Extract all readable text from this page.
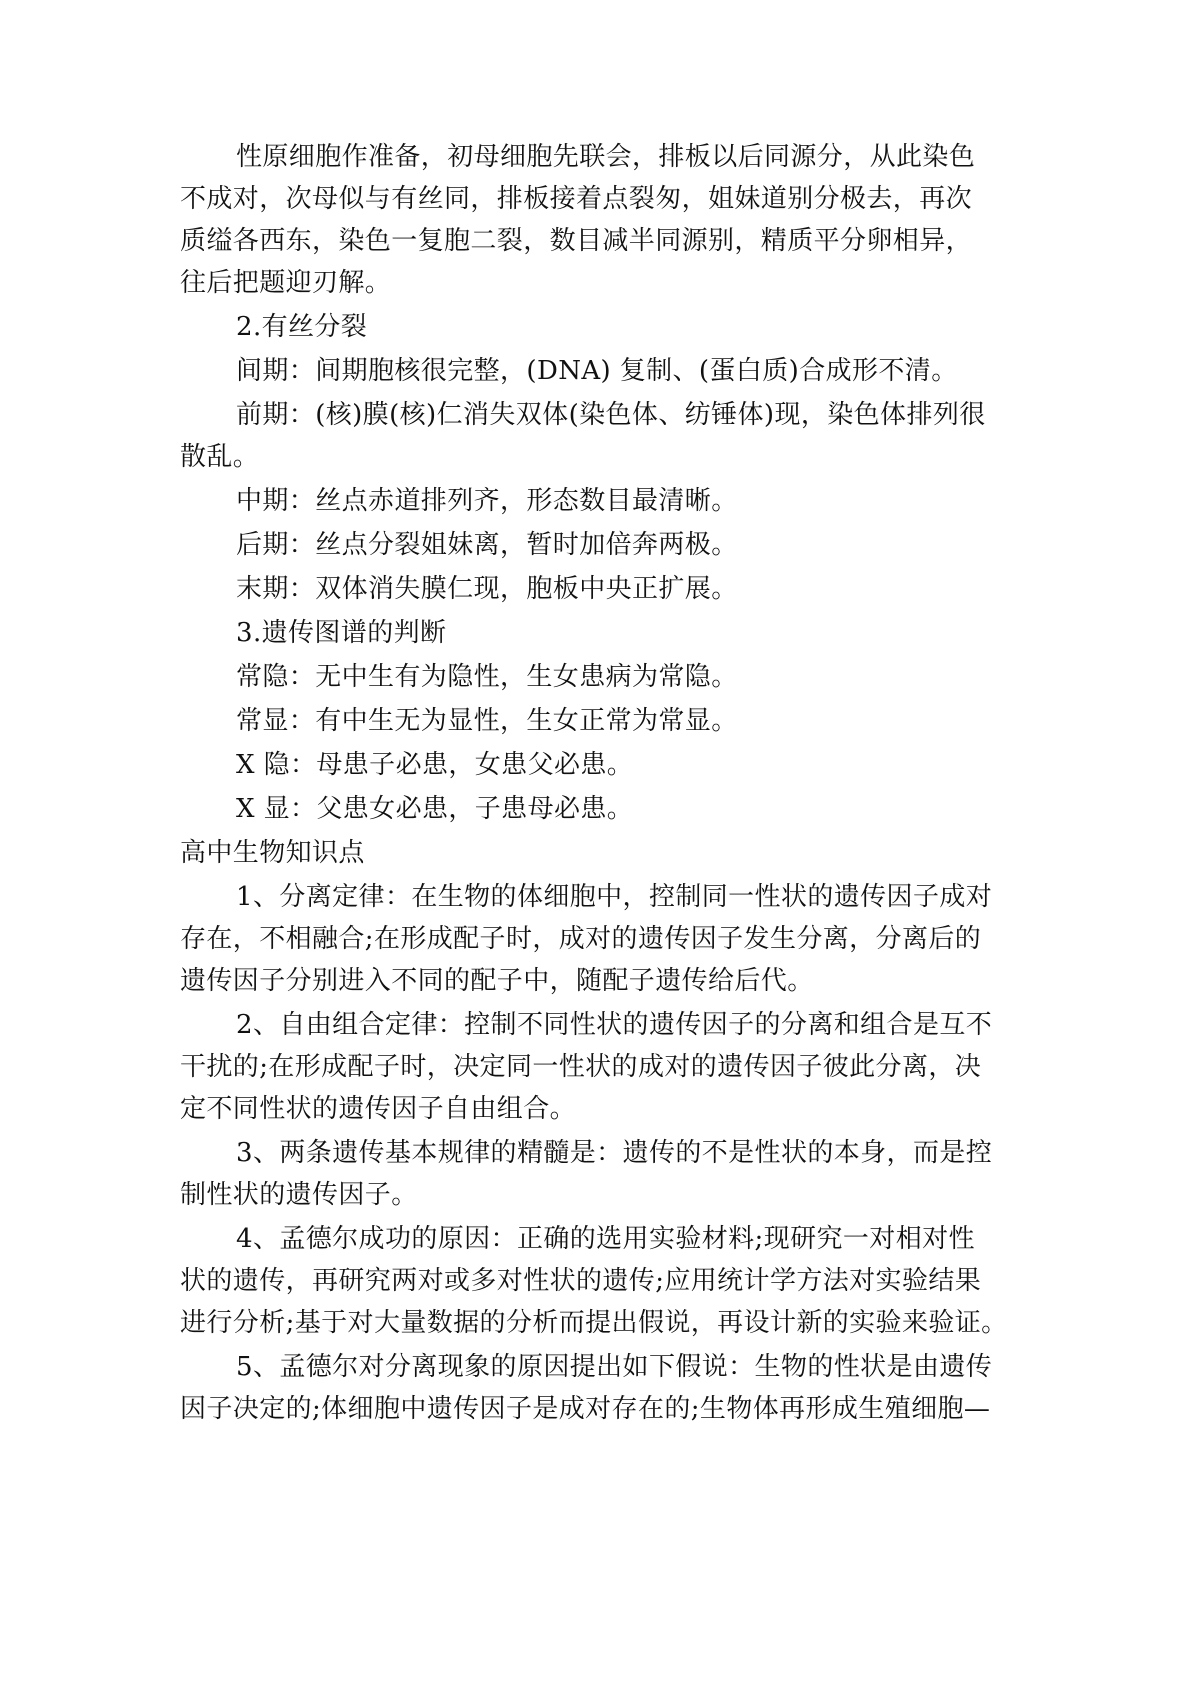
性原细胞作准备，初母细胞先联会，排板以后同源分，从此染色
不成对，次母似与有丝同，排板接着点裂匆，姐妹道别分极去，再次
质缢各西东，染色一复胞二裂，数目减半同源别，精质平分卵相异，
往后把题迎刃解。
2.有丝分裂
间期：间期胞核很完整，(DNA) 复制、(蛋白质)合成形不清。
前期：(核)膜(核)仁消失双体(染色体、纺锤体)现，染色体排列很
散乱。
中期：丝点赤道排列齐，形态数目最清晰。
后期：丝点分裂姐妹离，暂时加倍奔两极。
末期：双体消失膜仁现，胞板中央正扩展。
3.遗传图谱的判断
常隐：无中生有为隐性，生女患病为常隐。
常显：有中生无为显性，生女正常为常显。
X 隐：母患子必患，女患父必患。
X 显：父患女必患，子患母必患。
高中生物知识点
1、分离定律：在生物的体细胞中，控制同一性状的遗传因子成对
存在，不相融合;在形成配子时，成对的遗传因子发生分离，分离后的
遗传因子分别进入不同的配子中，随配子遗传给后代。
2、自由组合定律：控制不同性状的遗传因子的分离和组合是互不
干扰的;在形成配子时，决定同一性状的成对的遗传因子彼此分离，决
定不同性状的遗传因子自由组合。
3、两条遗传基本规律的精髓是：遗传的不是性状的本身，而是控
制性状的遗传因子。
4、孟德尔成功的原因：正确的选用实验材料;现研究一对相对性
状的遗传，再研究两对或多对性状的遗传;应用统计学方法对实验结果
进行分析;基于对大量数据的分析而提出假说，再设计新的实验来验证。
5、孟德尔对分离现象的原因提出如下假说：生物的性状是由遗传
因子决定的;体细胞中遗传因子是成对存在的;生物体再形成生殖细胞—
